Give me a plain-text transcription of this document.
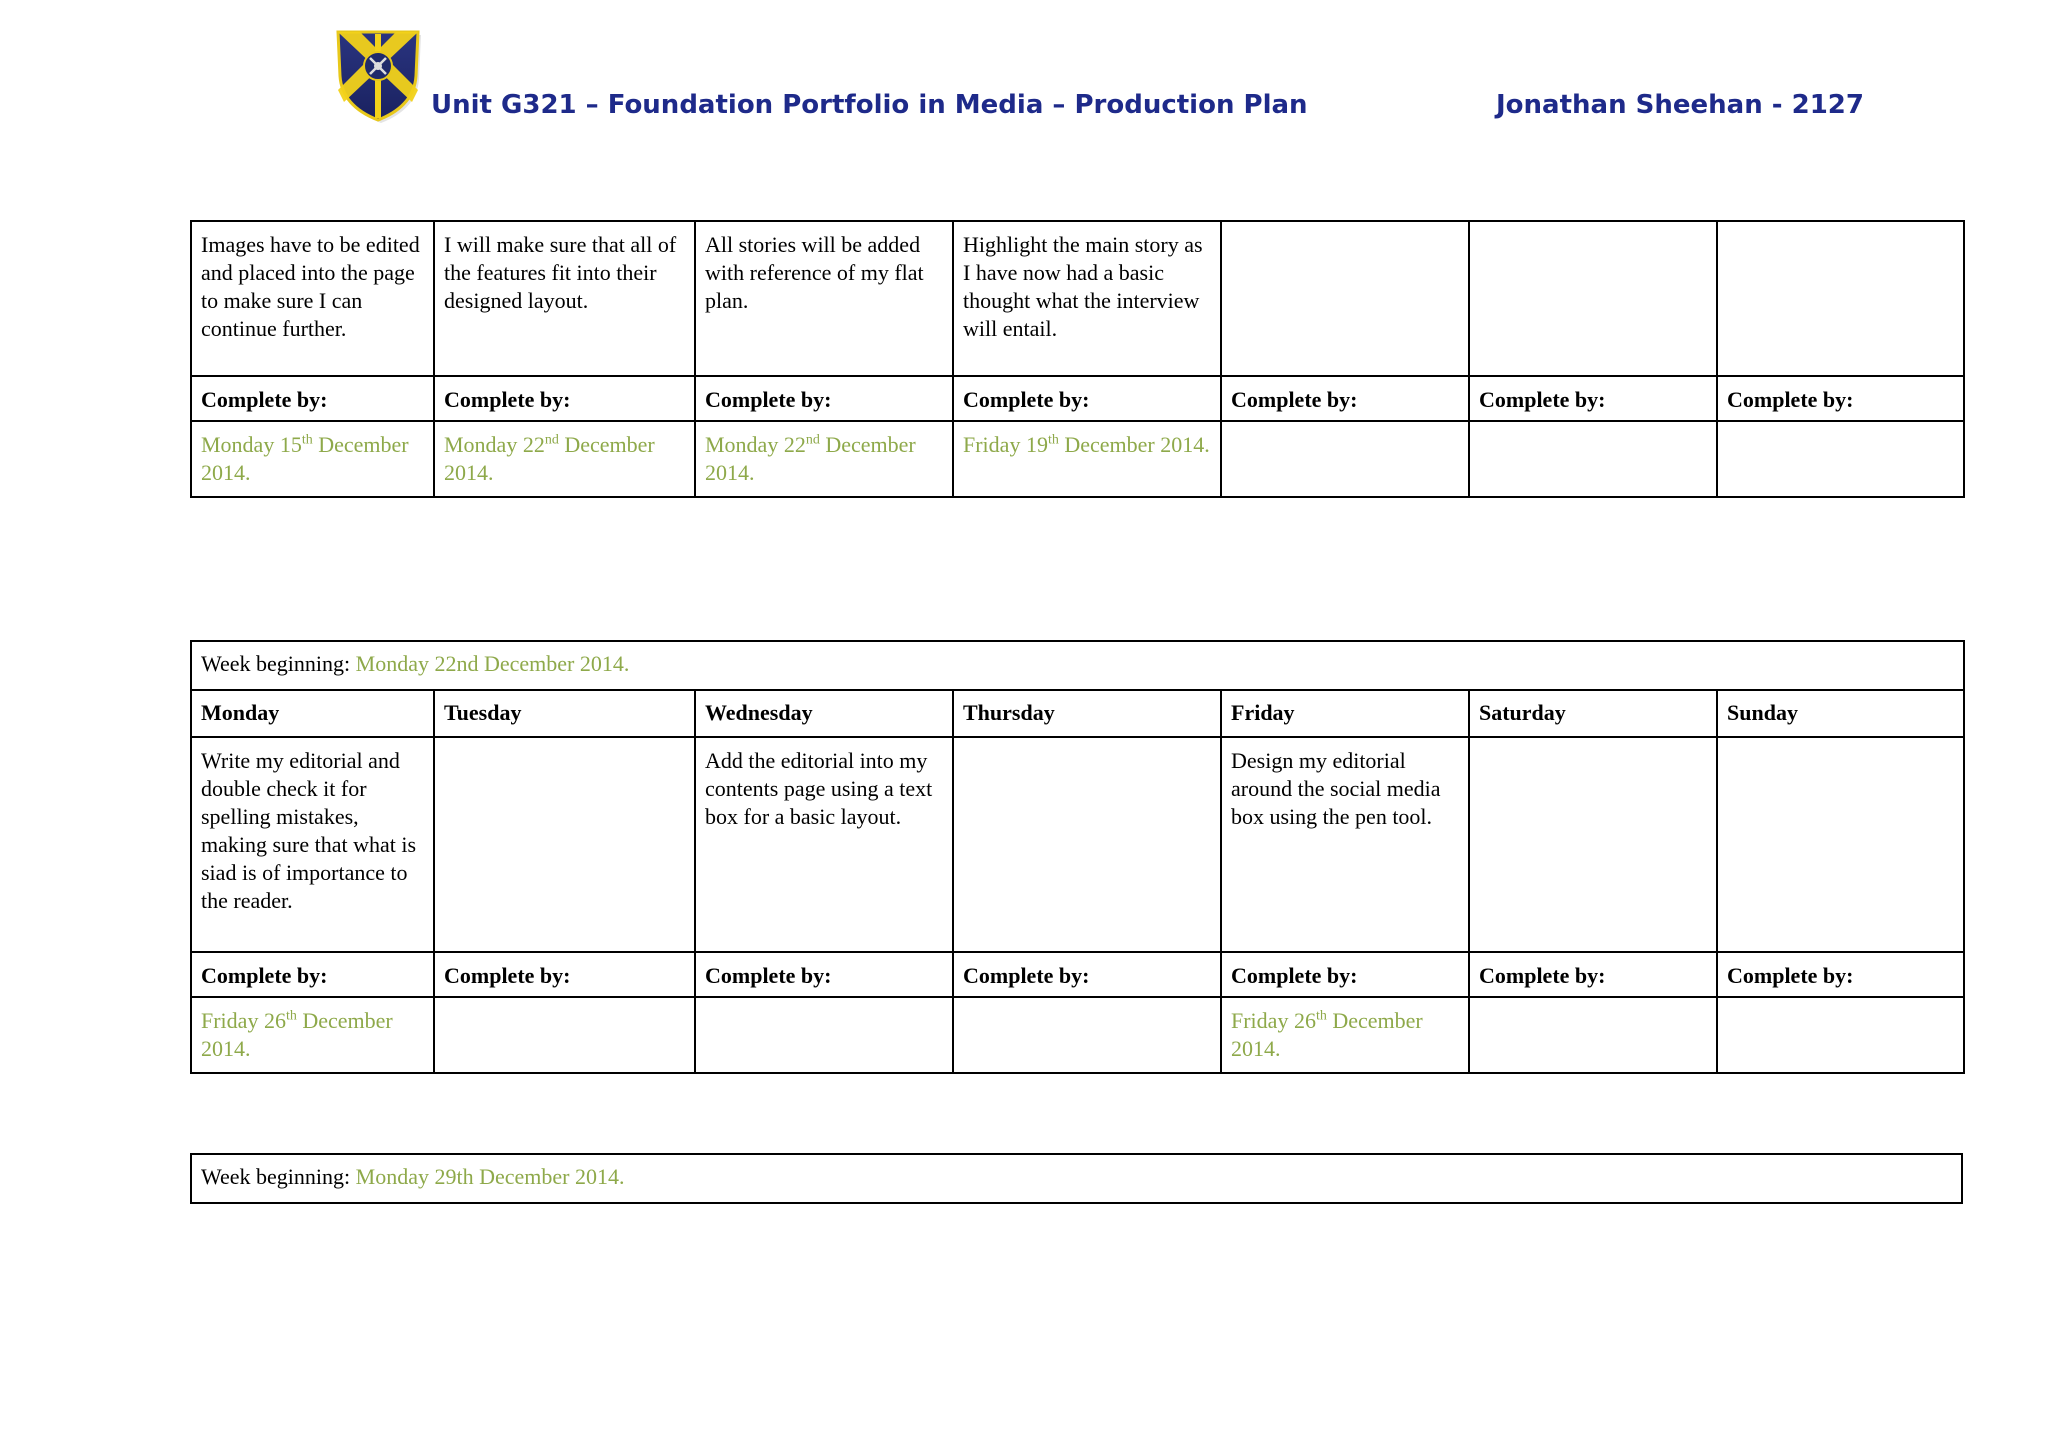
Unit G321 – Foundation Portfolio in Media – Production Plan	Jonathan Sheehan - 2127
Images have to be edited and placed into the page to make sure I can continue further.	I will make sure that all of the features fit into their designed layout.	All stories will be added with reference of my flat plan.	Highlight the main story as I have now had a basic thought what the interview will entail.			
Complete by:	Complete by:	Complete by:	Complete by:	Complete by:	Complete by:	Complete by:
Monday 15th December 2014.	Monday 22nd December 2014.	Monday 22nd December 2014.	Friday 19th December 2014.			
Week beginning: Monday 22nd December 2014.						
Monday	Tuesday	Wednesday	Thursday	Friday	Saturday	Sunday
Write my editorial and double check it for spelling mistakes, making sure that what is siad is of importance to the reader.		Add the editorial into my contents page using a text box for a basic layout.		Design my editorial around the social media box using the pen tool.		
Complete by:	Complete by:	Complete by:	Complete by:	Complete by:	Complete by:	Complete by:
Friday 26th December 2014.				Friday 26th December 2014.		
Week beginning: Monday 29th December 2014.
